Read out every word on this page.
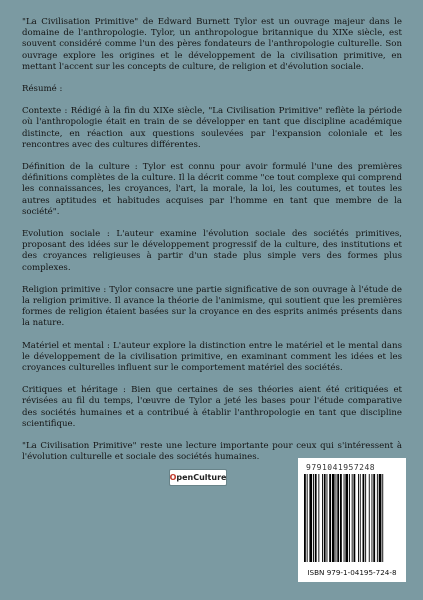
"La Civilisation Primitive" de Edward Burnett Tylor est un ouvrage majeur dans le domaine de l'anthropologie. Tylor, un anthropologue britannique du XIXe siècle, est souvent considéré comme l'un des pères fondateurs de l'anthropologie culturelle. Son ouvrage explore les origines et le développement de la civilisation primitive, en mettant l'accent sur les concepts de culture, de religion et d'évolution sociale.

Résumé :

Contexte : Rédigé à la fin du XIXe siècle, "La Civilisation Primitive" reflète la période où l'anthropologie était en train de se développer en tant que discipline académique distincte, en réaction aux questions soulevées par l'expansion coloniale et les rencontres avec des cultures différentes.

Définition de la culture : Tylor est connu pour avoir formulé l'une des premières définitions complètes de la culture. Il la décrit comme "ce tout complexe qui comprend les connaissances, les croyances, l'art, la morale, la loi, les coutumes, et toutes les autres aptitudes et habitudes acquises par l'homme en tant que membre de la société".

Evolution sociale : L'auteur examine l'évolution sociale des sociétés primitives, proposant des idées sur le développement progressif de la culture, des institutions et des croyances religieuses à partir d'un stade plus simple vers des formes plus complexes.

Religion primitive : Tylor consacre une partie significative de son ouvrage à l'étude de la religion primitive. Il avance la théorie de l'animisme, qui soutient que les premières formes de religion étaient basées sur la croyance en des esprits animés présents dans la nature.

Matériel et mental : L'auteur explore la distinction entre le matériel et le mental dans le développement de la civilisation primitive, en examinant comment les idées et les croyances culturelles influent sur le comportement matériel des sociétés.

Critiques et héritage : Bien que certaines de ses théories aient été critiquées et révisées au fil du temps, l'œuvre de Tylor a jeté les bases pour l'étude comparative des sociétés humaines et a contribué à établir l'anthropologie en tant que discipline scientifique.

"La Civilisation Primitive" reste une lecture importante pour ceux qui s'intéressent à l'évolution culturelle et sociale des sociétés humaines.

O penCulture
9791041957248
ISBN 979-1-04195-724-8
